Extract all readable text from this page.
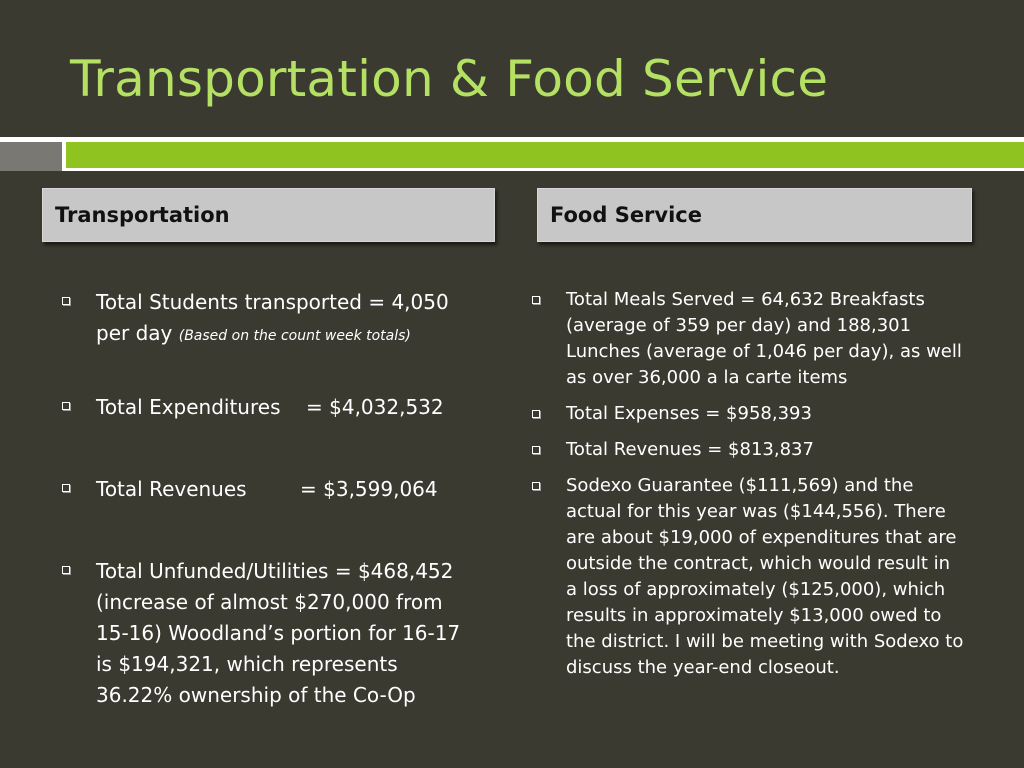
Transportation & Food Service
Transportation	Food Service
Total Students transported = 4,050 per day (Based on the count week totals)
Total Expenditures = $4,032,532
Total Revenues	= $3,599,064
Total Unfunded/Utilities = $468,452 (increase of almost $270,000 from 15-16) Woodland’s portion for 16-17 is $194,321, which represents 36.22% ownership of the Co-Op
Total Meals Served = 64,632 Breakfasts (average of 359 per day) and 188,301 Lunches (average of 1,046 per day), as well as over 36,000 a la carte items
Total Expenses = $958,393
Total Revenues = $813,837
Sodexo Guarantee ($111,569) and the actual for this year was ($144,556). There are about $19,000 of expenditures that are outside the contract, which would result in a loss of approximately ($125,000), which results in approximately $13,000 owed to the district. I will be meeting with Sodexo to discuss the year-end closeout.
